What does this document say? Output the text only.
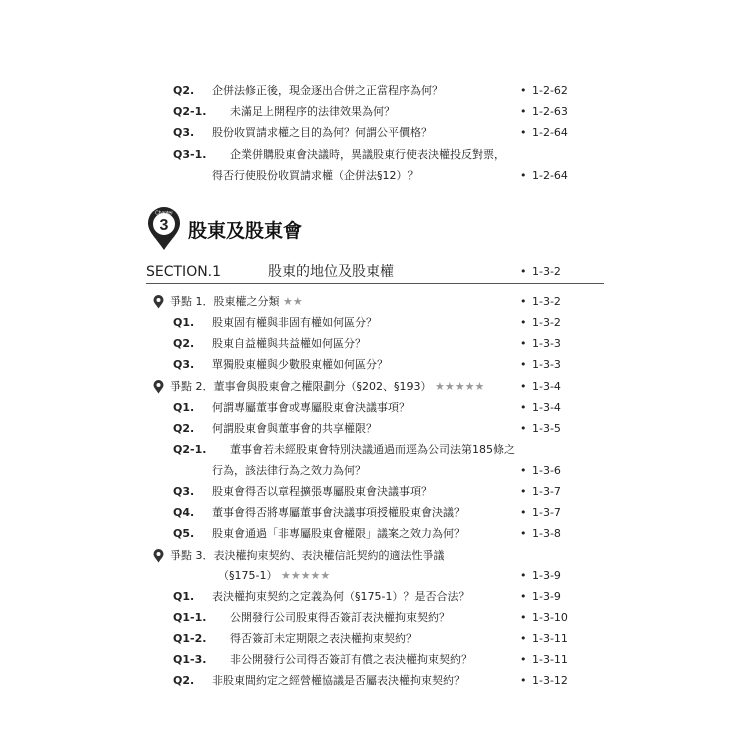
Q2. 企併法修正後，現金逐出合併之正當程序為何？	• 1-2-62
Q2-1. 未滿足上開程序的法律效果為何？	• 1-2-63
Q3. 股份收買請求權之目的為何？何謂公平價格？	• 1-2-64
Q3-1. 企業併購股東會決議時，異議股東行使表決權投反對票，
得否行使股份收買請求權（企併法§12）？	• 1-2-64
Chapter
3 股東及股東會
SECTION.1	股東的地位及股東權	• 1-3-2
爭點 1．股東權之分類 ★★	• 1-3-2
Q1. 股東固有權與非固有權如何區分？	• 1-3-2
Q2. 股東自益權與共益權如何區分？	• 1-3-3
Q3. 單獨股東權與少數股東權如何區分？	• 1-3-3
爭點 2．董事會與股東會之權限劃分（§202、§193） ★★★★★	• 1-3-4
Q1. 何謂專屬董事會或專屬股東會決議事項？	• 1-3-4
Q2. 何謂股東會與董事會的共享權限？	• 1-3-5
Q2-1. 董事會若未經股東會特別決議通過而逕為公司法第185條之
行為，該法律行為之效力為何？	• 1-3-6
Q3. 股東會得否以章程擴張專屬股東會決議事項？	• 1-3-7
Q4. 董事會得否將專屬董事會決議事項授權股東會決議？	• 1-3-7
Q5. 股東會通過「非專屬股東會權限」議案之效力為何？	• 1-3-8
爭點 3．表決權拘束契約、表決權信託契約的適法性爭議
（§175-1） ★★★★★	• 1-3-9
Q1. 表決權拘束契約之定義為何（§175-1）？是否合法？	• 1-3-9
Q1-1. 公開發行公司股東得否簽訂表決權拘束契約？	• 1-3-10
Q1-2. 得否簽訂未定期限之表決權拘束契約？	• 1-3-11
Q1-3. 非公開發行公司得否簽訂有償之表決權拘束契約？	• 1-3-11
Q2. 非股東間約定之經營權協議是否屬表決權拘束契約？	• 1-3-12
